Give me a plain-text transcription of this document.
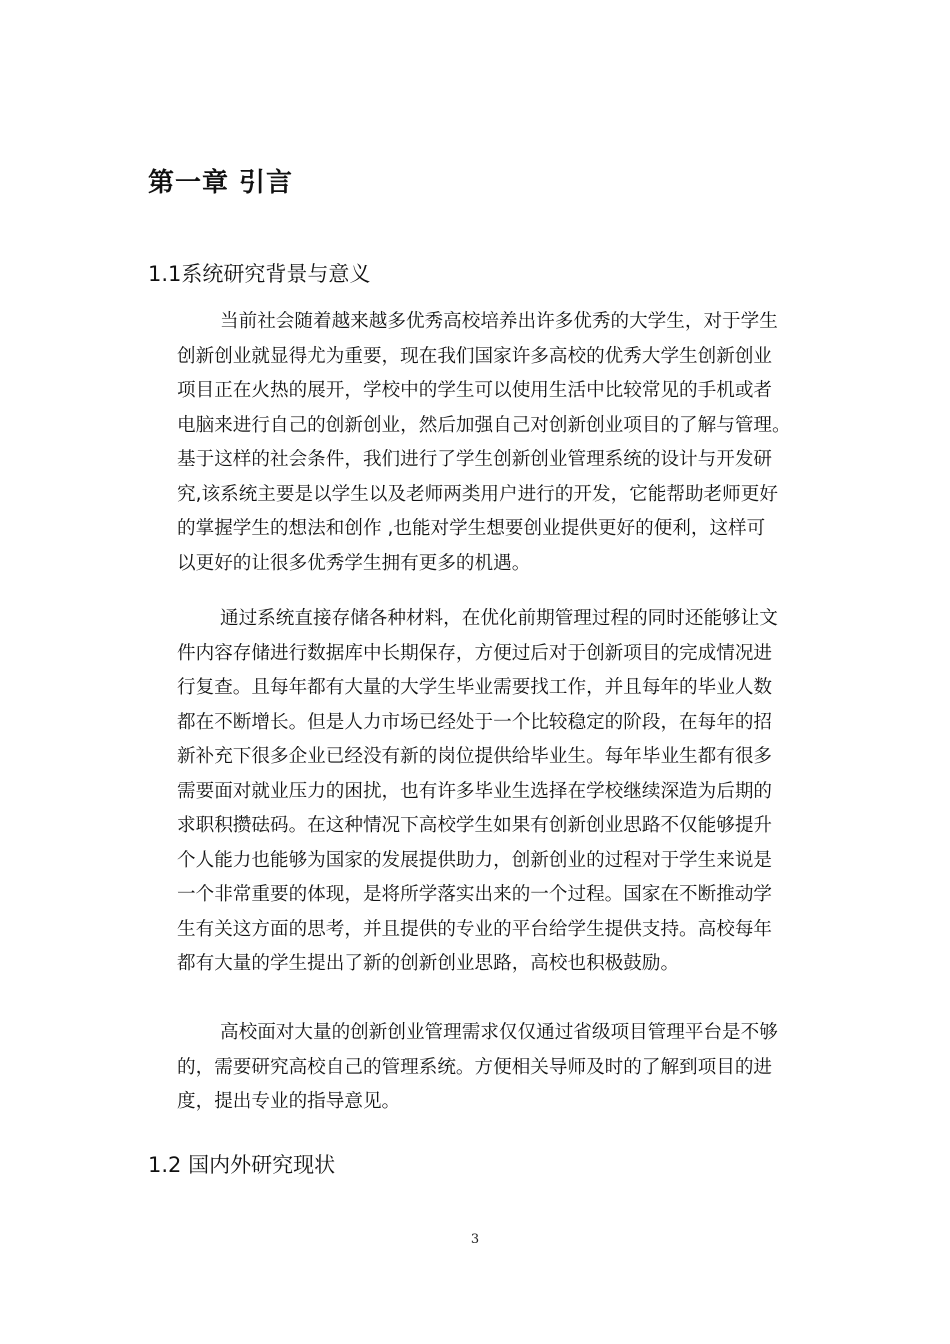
第一章 引言
1.1系统研究背景与意义
当前社会随着越来越多优秀高校培养出许多优秀的大学生，对于学生
创新创业就显得尤为重要，现在我们国家许多高校的优秀大学生创新创业
项目正在火热的展开，学校中的学生可以使用生活中比较常见的手机或者
电脑来进行自己的创新创业，然后加强自己对创新创业项目的了解与管理。
基于这样的社会条件，我们进行了学生创新创业管理系统的设计与开发研
究,该系统主要是以学生以及老师两类用户进行的开发，它能帮助老师更好
的掌握学生的想法和创作 ,也能对学生想要创业提供更好的便利，这样可
以更好的让很多优秀学生拥有更多的机遇。
通过系统直接存储各种材料，在优化前期管理过程的同时还能够让文
件内容存储进行数据库中长期保存，方便过后对于创新项目的完成情况进
行复查。且每年都有大量的大学生毕业需要找工作，并且每年的毕业人数
都在不断增长。但是人力市场已经处于一个比较稳定的阶段，在每年的招
新补充下很多企业已经没有新的岗位提供给毕业生。每年毕业生都有很多
需要面对就业压力的困扰，也有许多毕业生选择在学校继续深造为后期的
求职积攒砝码。在这种情况下高校学生如果有创新创业思路不仅能够提升
个人能力也能够为国家的发展提供助力，创新创业的过程对于学生来说是
一个非常重要的体现，是将所学落实出来的一个过程。国家在不断推动学
生有关这方面的思考，并且提供的专业的平台给学生提供支持。高校每年
都有大量的学生提出了新的创新创业思路，高校也积极鼓励。
高校面对大量的创新创业管理需求仅仅通过省级项目管理平台是不够
的，需要研究高校自己的管理系统。方便相关导师及时的了解到项目的进
度，提出专业的指导意见。
1.2 国内外研究现状
3
